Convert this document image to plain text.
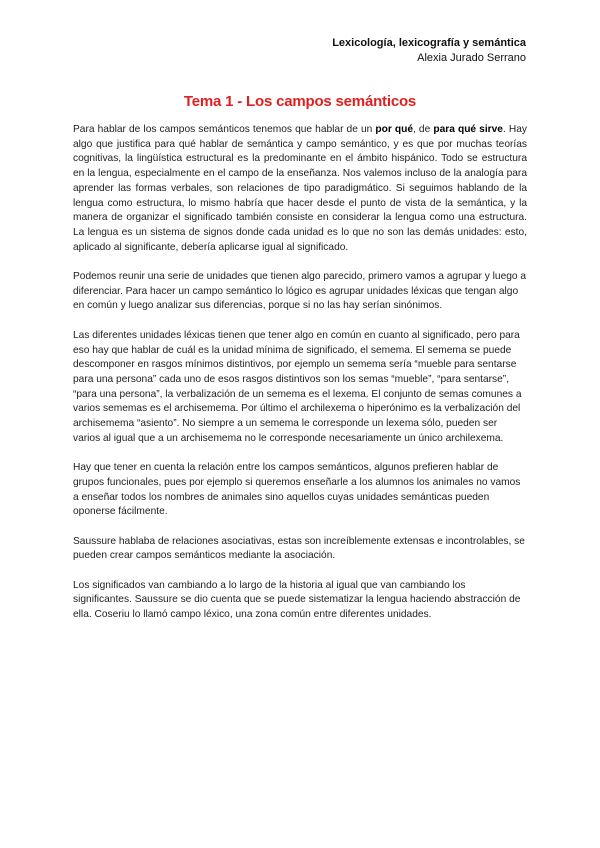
Lexicología, lexicografía y semántica
Alexia Jurado Serrano
Tema 1 - Los campos semánticos

Para hablar de los campos semánticos tenemos que hablar de un por qué, de para qué sirve. Hay algo que justifica para qué hablar de semántica y campo semántico, y es que por muchas teorías cognitivas, la lingüística estructural es la predominante en el ámbito hispánico. Todo se estructura en la lengua, especialmente en el campo de la enseñanza. Nos valemos incluso de la analogía para aprender las formas verbales, son relaciones de tipo paradigmático. Si seguimos hablando de la lengua como estructura, lo mismo habría que hacer desde el punto de vista de la semántica, y la manera de organizar el significado también consiste en considerar la lengua como una estructura. La lengua es un sistema de signos donde cada unidad es lo que no son las demás unidades: esto, aplicado al significante, debería aplicarse igual al significado.

Podemos reunir una serie de unidades que tienen algo parecido, primero vamos a agrupar y luego a diferenciar. Para hacer un campo semántico lo lógico es agrupar unidades léxicas que tengan algo en común y luego analizar sus diferencias, porque si no las hay serían sinónimos.

Las diferentes unidades léxicas tienen que tener algo en común en cuanto al significado, pero para eso hay que hablar de cuál es la unidad mínima de significado, el semema. El semema se puede descomponer en rasgos mínimos distintivos, por ejemplo un semema sería “mueble para sentarse para una persona” cada uno de esos rasgos distintivos son los semas “mueble”, “para sentarse”, “para una persona”, la verbalización de un semema es el lexema. El conjunto de semas comunes a varios sememas es el archisemema. Por último el archilexema o hiperónimo es la verbalización del archisemema “asiento”. No siempre a un semema le corresponde un lexema sólo, pueden ser varios al igual que a un archisemema no le corresponde necesariamente un único archilexema.

Hay que tener en cuenta la relación entre los campos semánticos, algunos prefieren hablar de grupos funcionales, pues por ejemplo si queremos enseñarle a los alumnos los animales no vamos a enseñar todos los nombres de animales sino aquellos cuyas unidades semánticas pueden oponerse fácilmente.

Saussure hablaba de relaciones asociativas, estas son increíblemente extensas e incontrolables, se pueden crear campos semánticos mediante la asociación.

Los significados van cambiando a lo largo de la historia al igual que van cambiando los significantes. Saussure se dio cuenta que se puede sistematizar la lengua haciendo abstracción de ella. Coseriu lo llamó campo léxico, una zona común entre diferentes unidades.
